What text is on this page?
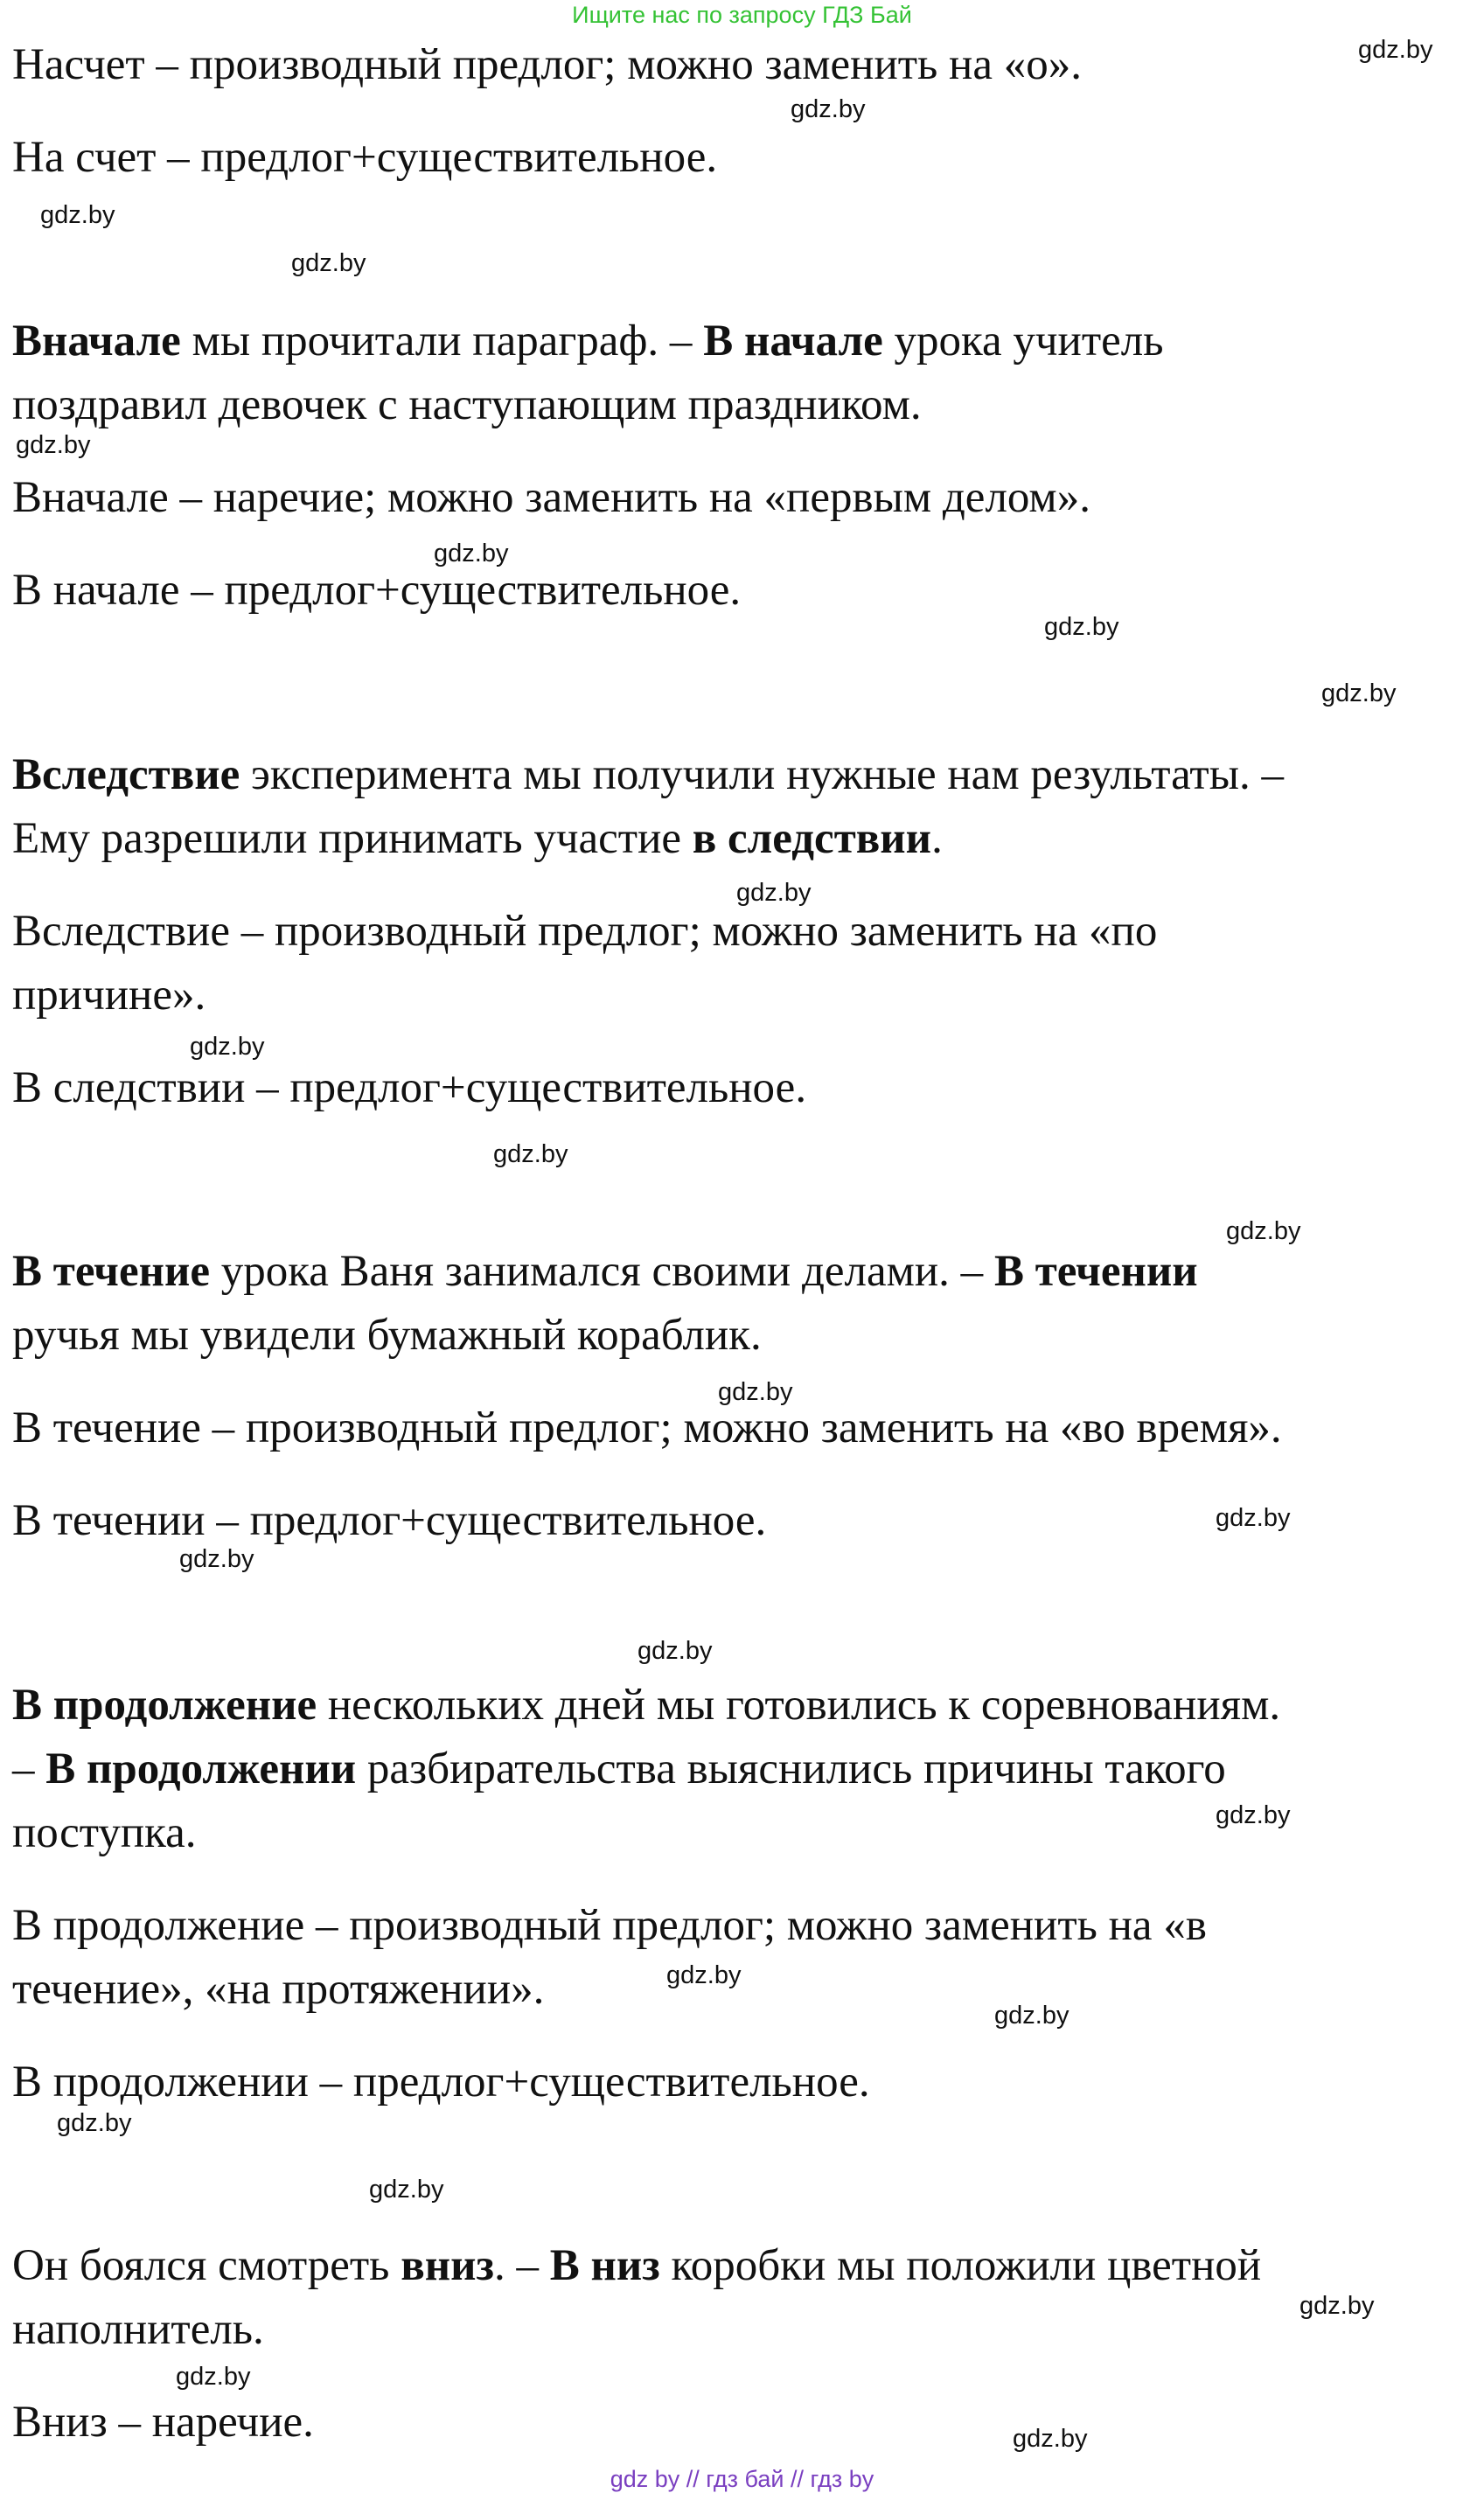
Ищите нас по запросу ГДЗ Бай
Насчет – производный предлог; можно заменить на «о».
На счет – предлог+существительное.
Вначале мы прочитали параграф. – В начале урока учитель
поздравил девочек с наступающим праздником.
Вначале – наречие; можно заменить на «первым делом».
В начале – предлог+существительное.
Вследствие эксперимента мы получили нужные нам результаты. –
Ему разрешили принимать участие в следствии.
Вследствие – производный предлог; можно заменить на «по
причине».
В следствии – предлог+существительное.
В течение урока Ваня занимался своими делами. – В течении
ручья мы увидели бумажный кораблик.
В течение – производный предлог; можно заменить на «во время».
В течении – предлог+существительное.
В продолжение нескольких дней мы готовились к соревнованиям.
– В продолжении разбирательства выяснились причины такого
поступка.
В продолжение – производный предлог; можно заменить на «в
течение», «на протяжении».
В продолжении – предлог+существительное.
Он боялся смотреть вниз. – В низ коробки мы положили цветной
наполнитель.
Вниз – наречие.
gdz.by
gdz.by
gdz.by
gdz.by
gdz.by
gdz.by
gdz.by
gdz.by
gdz.by
gdz.by
gdz.by
gdz.by
gdz.by
gdz.by
gdz.by
gdz.by
gdz.by
gdz.by
gdz.by
gdz.by
gdz.by
gdz.by
gdz.by
gdz.by
gdz by // гдз бай // гдз by
